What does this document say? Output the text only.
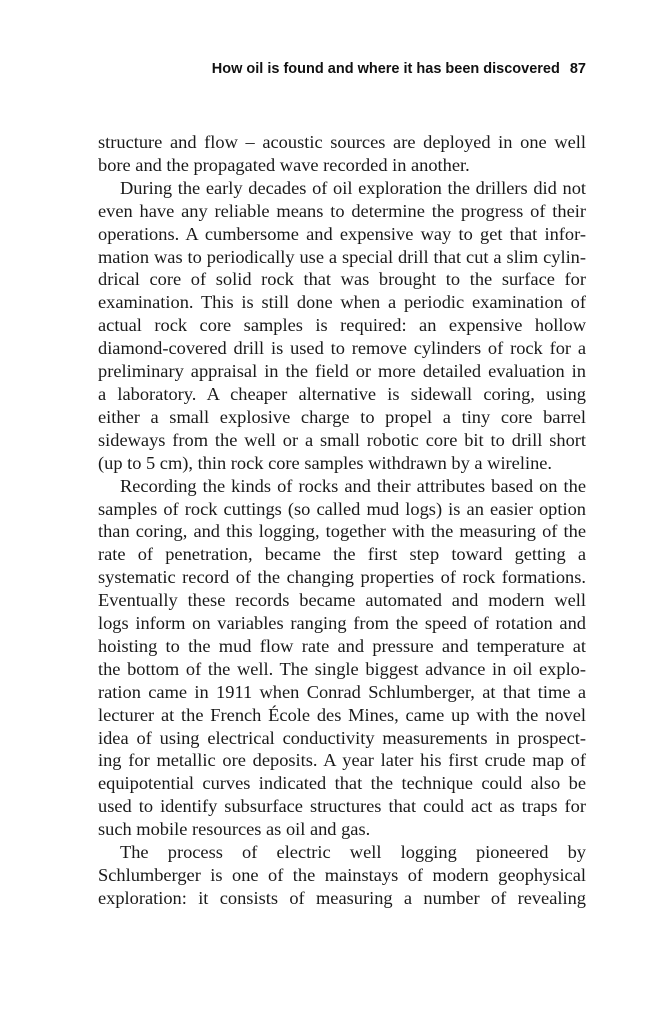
How oil is found and where it has been discovered 87

structure and flow – acoustic sources are deployed in one well
bore and the propagated wave recorded in another.

During the early decades of oil exploration the drillers did not
even have any reliable means to determine the progress of their
operations. A cumbersome and expensive way to get that infor-
mation was to periodically use a special drill that cut a slim cylin-
drical core of solid rock that was brought to the surface for
examination. This is still done when a periodic examination of
actual rock core samples is required: an expensive hollow
diamond-covered drill is used to remove cylinders of rock for a
preliminary appraisal in the field or more detailed evaluation in
a laboratory. A cheaper alternative is sidewall coring, using
either a small explosive charge to propel a tiny core barrel
sideways from the well or a small robotic core bit to drill short
(up to 5 cm), thin rock core samples withdrawn by a wireline.

Recording the kinds of rocks and their attributes based on the
samples of rock cuttings (so called mud logs) is an easier option
than coring, and this logging, together with the measuring of the
rate of penetration, became the first step toward getting a
systematic record of the changing properties of rock formations.
Eventually these records became automated and modern well
logs inform on variables ranging from the speed of rotation and
hoisting to the mud flow rate and pressure and temperature at
the bottom of the well. The single biggest advance in oil explo-
ration came in 1911 when Conrad Schlumberger, at that time a
lecturer at the French École des Mines, came up with the novel
idea of using electrical conductivity measurements in prospect-
ing for metallic ore deposits. A year later his first crude map of
equipotential curves indicated that the technique could also be
used to identify subsurface structures that could act as traps for
such mobile resources as oil and gas.

The process of electric well logging pioneered by
Schlumberger is one of the mainstays of modern geophysical
exploration: it consists of measuring a number of revealing
